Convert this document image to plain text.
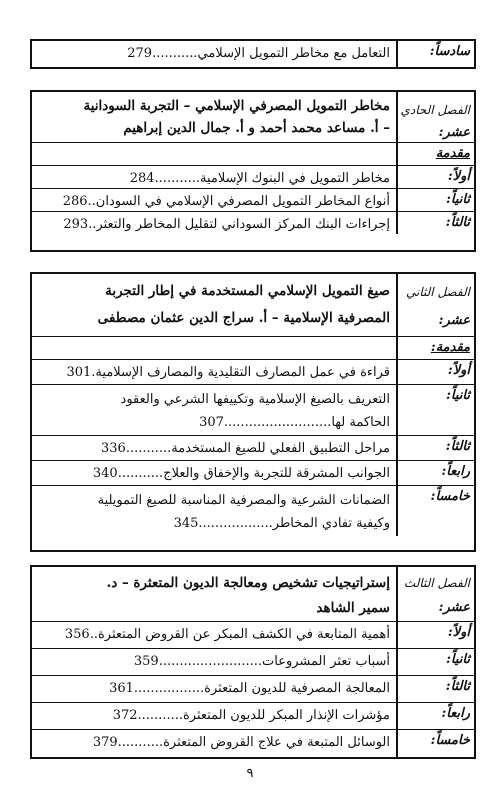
سادساً:
التعامل مع مخاطر التمويل الإسلامي...........279
الفصل الحادي
عشر:
مخاطر التمويل المصرفي الإسلامي – التجربة السودانية
– أ. مساعد محمد أحمد و أ. جمال الدين إبراهيم
مقدمة
أولاً:
مخاطر التمويل في البنوك الإسلامية...........284
ثانياً:
أنواع المخاطر التمويل المصرفي الإسلامي في السودان..286
ثالثاً:
إجراءات البنك المركز السوداني لتقليل المخاطر والتعثر..293
الفصل الثاني
عشر:
صيغ التمويل الإسلامي المستخدمة في إطار التجربة
المصرفية الإسلامية – أ. سراج الدين عثمان مصطفى
مقدمة:
أولاً:
قراءة في عمل المصارف التقليدية والمصارف الإسلامية.301
ثانياً:
التعريف بالصيغ الإسلامية وتكييفها الشرعي والعقود
الحاكمة لها..........................307
ثالثاً:
مراحل التطبيق الفعلي للصيغ المستخدمة...........336
رابعاً:
الجوانب المشرقة للتجربة والإخفاق والعلاج...........340
خامساً:
الضمانات الشرعية والمصرفية المناسبة للصيغ التمويلية
وكيفية تفادي المخاطر..................345
الفصل الثالث
عشر:
إستراتيجيات تشخيص ومعالجة الديون المتعثرة – د.
سمير الشاهد
أولاً:
أهمية المتابعة في الكشف المبكر عن القروض المتعثرة..356
ثانياً:
أسباب تعثر المشروعات.........................359
ثالثاً:
المعالجة المصرفية للديون المتعثرة.................361
رابعاً:
مؤشرات الإنذار المبكر للديون المتعثرة...........372
خامساً:
الوسائل المتبعة في علاج القروض المتعثرة...........379
٩
